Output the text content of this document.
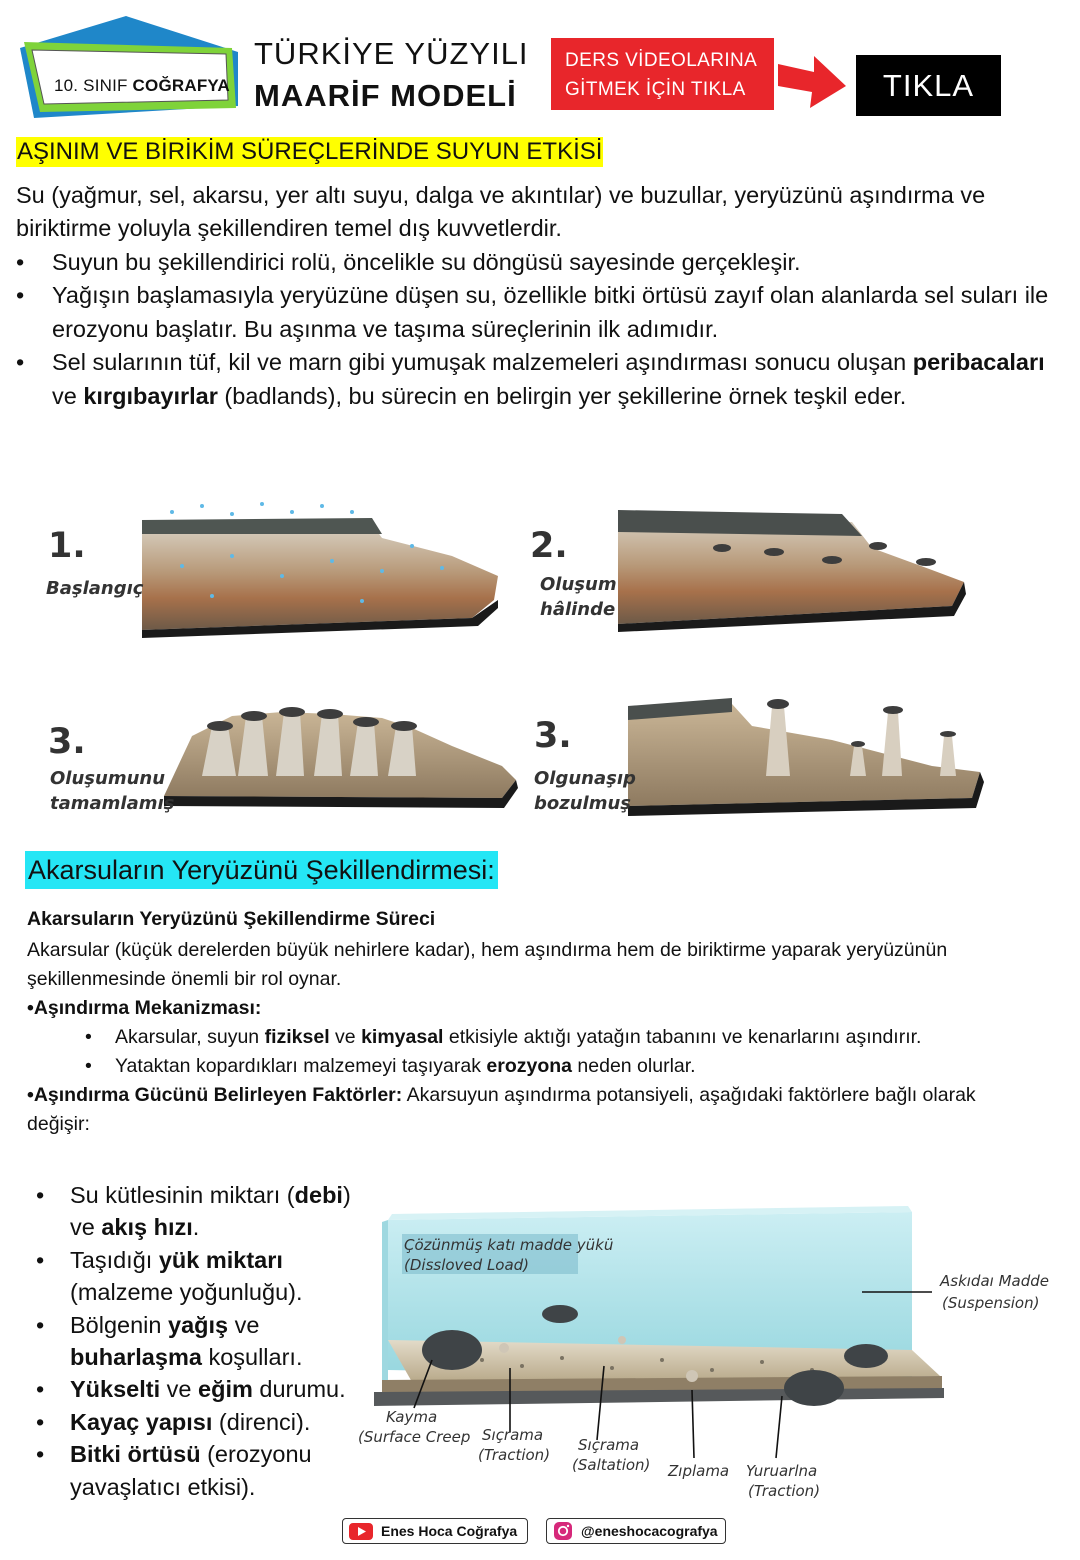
10. SINIF COĞRAFYA
TÜRKİYE YÜZYILI
MAARİF MODELİ
DERS VİDEOLARINA
GİTMEK İÇİN TIKLA	TIKLA
AŞINIM VE BİRİKİM SÜREÇLERİNDE SUYUN ETKİSİ
Su (yağmur, sel, akarsu, yer altı suyu, dalga ve akıntılar) ve buzullar, yeryüzünü aşındırma ve biriktirme yoluyla şekillendiren temel dış kuvvetlerdir.
• Suyun bu şekillendirici rolü, öncelikle su döngüsü sayesinde gerçekleşir.
• Yağışın başlamasıyla yeryüzüne düşen su, özellikle bitki örtüsü zayıf olan alanlarda sel suları ile erozyonu başlatır. Bu aşınma ve taşıma süreçlerinin ilk adımıdır.
• Sel sularının tüf, kil ve marn gibi yumuşak malzemeleri aşındırması sonucu oluşan peribacaları ve kırgıbayırlar (badlands), bu sürecin en belirgin yer şekillerine örnek teşkil eder.
1.
Başlangıç
2.
Oluşum
hâlinde
3.
Oluşumunu
tamamlamış
3.
Olgunaşıp
bozulmuş
Akarsuların Yeryüzünü Şekillendirmesi:
Akarsuların Yeryüzünü Şekillendirme Süreci
Akarsular (küçük derelerden büyük nehirlere kadar), hem aşındırma hem de biriktirme yaparak yeryüzünün şekillenmesinde önemli bir rol oynar.
•Aşındırma Mekanizması:
• Akarsular, suyun fiziksel ve kimyasal etkisiyle aktığı yatağın tabanını ve kenarlarını aşındırır.
• Yataktan kopardıkları malzemeyi taşıyarak erozyona neden olurlar.
•Aşındırma Gücünü Belirleyen Faktörler: Akarsuyun aşındırma potansiyeli, aşağıdaki faktörlere bağlı olarak değişir:
• Su kütlesinin miktarı (debi) ve akış hızı.
• Taşıdığı yük miktarı (malzeme yoğunluğu).
• Bölgenin yağış ve buharlaşma koşulları.
• Yükselti ve eğim durumu.
• Kayaç yapısı (direnci).
• Bitki örtüsü (erozyonu yavaşlatıcı etkisi).
Çözünmüş katı madde yükü
(Dissloved Load)
Askıdaı Madde
(Suspension)
Kayma
(Surface Creep Sıçrama
(Traction)
Sıçrama
(Saltation) Zıplama Yuruarlna
(Traction)
Enes Hoca Coğrafya	@eneshocacografya
